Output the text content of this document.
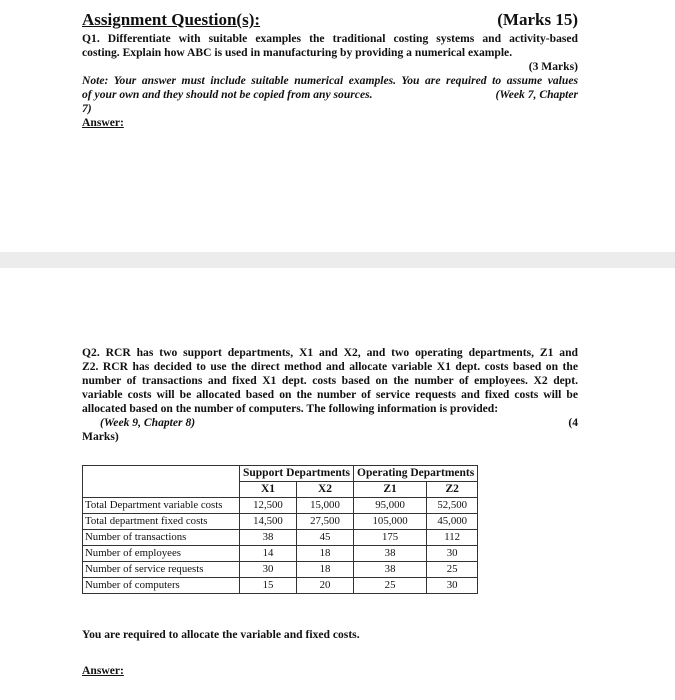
Assignment Question(s):	(Marks 15)
Q1. Differentiate with suitable examples the traditional costing systems and activity-based
costing. Explain how ABC is used in manufacturing by providing a numerical example.
(3 Marks)
Note: Your answer must include suitable numerical examples. You are required to assume values
of your own and they should not be copied from any sources.	(Week 7, Chapter
7)
Answer:
Q2. RCR has two support departments, X1 and X2, and two operating departments, Z1 and
Z2. RCR has decided to use the direct method and allocate variable X1 dept. costs based on the
number of transactions and fixed X1 dept. costs based on the number of employees. X2 dept.
variable costs will be allocated based on the number of service requests and fixed costs will be
allocated based on the number of computers. The following information is provided:
(Week 9, Chapter 8)	(4
Marks)
	Support Departments		Operating Departments	
	X1	X2	Z1	Z2
Total Department variable costs	12,500	15,000	95,000	52,500
Total department fixed costs	14,500	27,500	105,000	45,000
Number of transactions	38	45	175	112
Number of employees	14	18	38	30
Number of service requests	30	18	38	25
Number of computers	15	20	25	30
You are required to allocate the variable and fixed costs.
Answer:
